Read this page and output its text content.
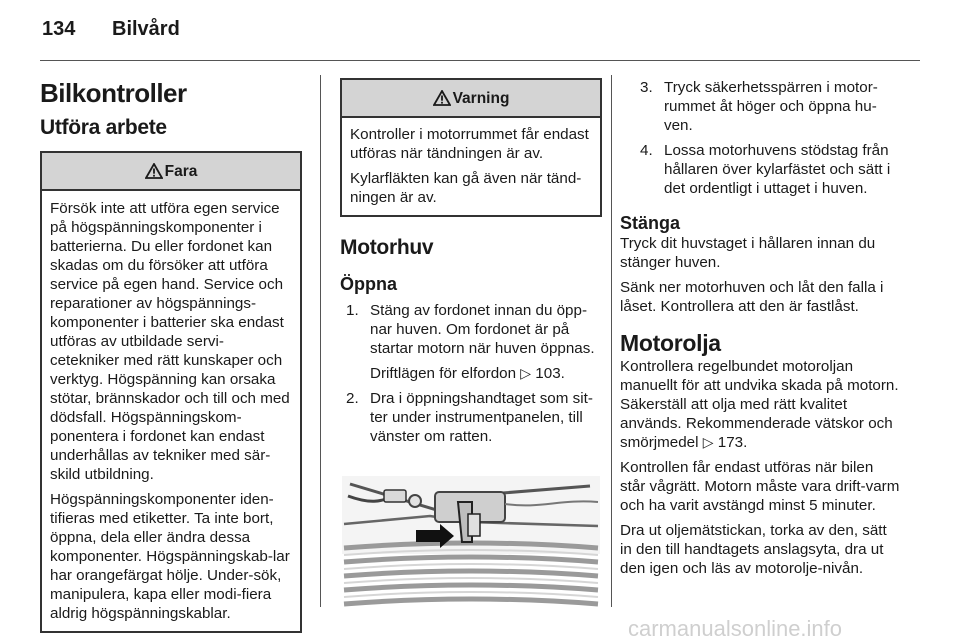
134 Bilvård
Bilkontroller
Utföra arbete
Fara

Försök inte att utföra egen service på högspänningskomponenter i batterierna. Du eller fordonet kan skadas om du försöker att utföra service på egen hand. Service och reparationer av högspännings-komponenter i batterier ska endast utföras av utbildade servi-cetekniker med rätt kunskaper och verktyg. Högspänning kan orsaka stötar, brännskador och till och med dödsfall. Högspänningskom-ponentera i fordonet kan endast underhållas av tekniker med sär-skild utbildning.

Högspänningskomponenter iden-tifieras med etiketter. Ta inte bort, öppna, dela eller ändra dessa komponenter. Högspänningskab-lar har orangefärgat hölje. Under-sök, manipulera, kapa eller modi-fiera aldrig högspänningskablar.

Varning

Kontroller i motorrummet får endast utföras när tändningen är av.

Kylarfläkten kan gå även när tänd-ningen är av.

Motorhuv
Öppna
1. Stäng av fordonet innan du öpp-nar huven. Om fordonet är på startar motorn när huven öppnas.
Driftlägen för elfordon ▷ 103.
2. Dra i öppningshandtaget som sit-ter under instrumentpanelen, till vänster om ratten.
3. Tryck säkerhetsspärren i motor-rummet åt höger och öppna hu-ven.
4. Lossa motorhuvens stödstag från hållaren över kylarfästet och sätt i det ordentligt i uttaget i huven.
Stänga

Tryck dit huvstaget i hållaren innan du stänger huven.

Sänk ner motorhuven och låt den falla i låset. Kontrollera att den är fastlåst.

Motorolja

Kontrollera regelbundet motoroljan manuellt för att undvika skada på motorn. Säkerställ att olja med rätt kvalitet används. Rekommenderade vätskor och smörjmedel ▷ 173.

Kontrollen får endast utföras när bilen står vågrätt. Motorn måste vara drift-varm och ha varit avstängd minst 5 minuter.

Dra ut oljemätstickan, torka av den, sätt in den till handtagets anslagsyta, dra ut den igen och läs av motorolje-nivån.

carmanualsonline.info
